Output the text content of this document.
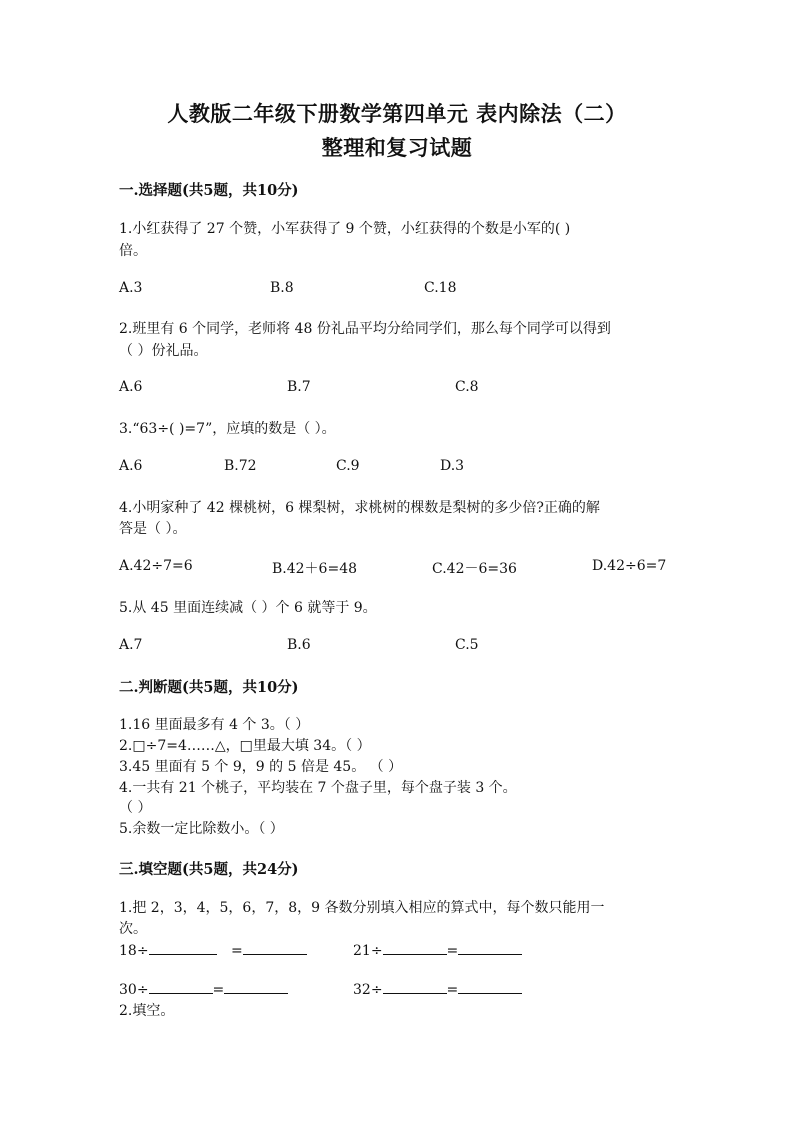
人教版二年级下册数学第四单元 表内除法（二）
整理和复习试题
一.选择题(共5题，共10分)
1.小红获得了 27 个赞，小军获得了 9 个赞，小红获得的个数是小军的( )
倍。
A.3	B.8	C.18
2.班里有 6 个同学，老师将 48 份礼品平均分给同学们，那么每个同学可以得到
（ ）份礼品。
A.6	B.7	C.8
3.“63÷( )=7”，应填的数是（ ）。
A.6	B.72	C.9	D.3
4.小明家种了 42 棵桃树，6 棵梨树，求桃树的棵数是梨树的多少倍?正确的解
答是（ ）。
A.42÷7=6	B.42＋6=48	C.42－6=36	D.42÷6=7
5.从 45 里面连续减（ ）个 6 就等于 9。
A.7	B.6	C.5
二.判断题(共5题，共10分)
1.16 里面最多有 4 个 3。（ ）
2.□÷7=4……△，□里最大填 34。（ ）
3.45 里面有 5 个 9，9 的 5 倍是 45。 （ ）
4.一共有 21 个桃子，平均装在 7 个盘子里，每个盘子装 3 个。
（ ）
5.余数一定比除数小。（ ）
三.填空题(共5题，共24分)
1.把 2，3，4，5，6，7，8，9 各数分别填入相应的算式中，每个数只能用一
次。
18÷	=	21÷	=
30÷	=	32÷	=
2.填空。
